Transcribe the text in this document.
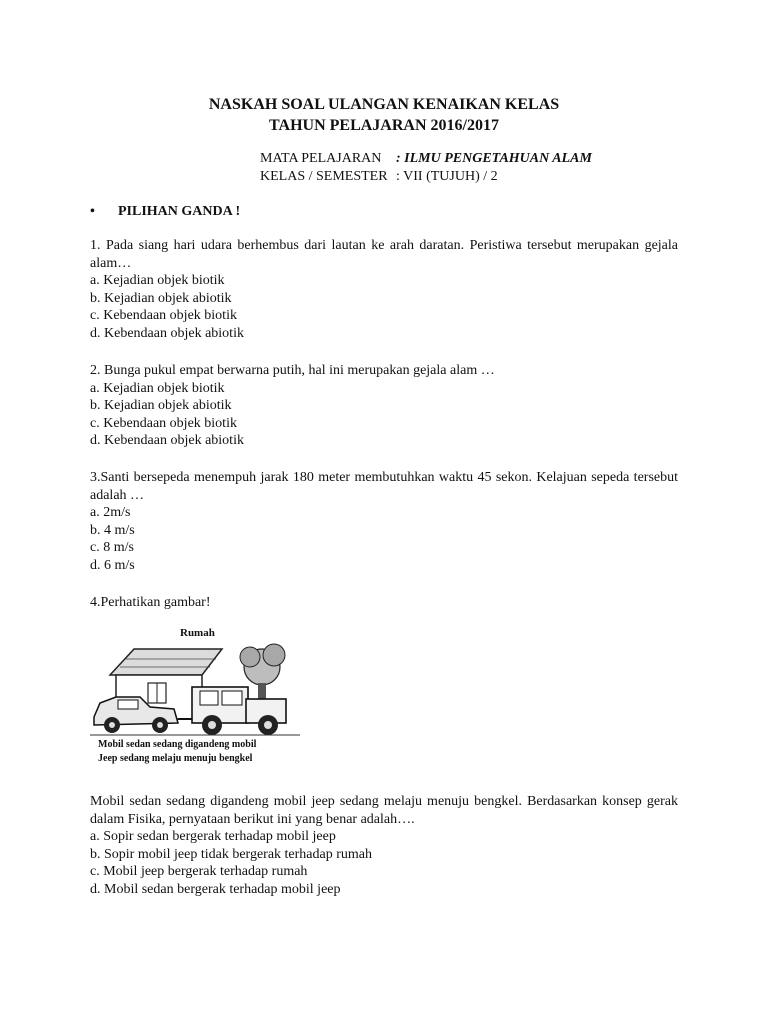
NASKAH SOAL ULANGAN KENAIKAN KELAS
TAHUN PELAJARAN 2016/2017
MATA PELAJARAN : ILMU PENGETAHUAN ALAM
KELAS / SEMESTER : VII (TUJUH) / 2
• PILIHAN GANDA !

1. Pada siang hari udara berhembus dari lautan ke arah daratan. Peristiwa tersebut merupakan gejala alam…

a. Kejadian objek biotik

b. Kejadian objek abiotik

c. Kebendaan objek biotik

d. Kebendaan objek abiotik

2. Bunga pukul empat berwarna putih, hal ini merupakan gejala alam …

a. Kejadian objek biotik

b. Kejadian objek abiotik

c. Kebendaan objek biotik

d. Kebendaan objek abiotik

3.Santi bersepeda menempuh jarak 180 meter membutuhkan waktu 45 sekon. Kelajuan sepeda tersebut adalah …

a. 2m/s

b. 4 m/s

c. 8 m/s

d. 6 m/s

4.Perhatikan gambar!

Rumah
Mobil sedan sedang digandeng mobil
Jeep sedang melaju menuju bengkel

Mobil sedan sedang digandeng mobil jeep sedang melaju menuju bengkel. Berdasarkan konsep gerak dalam Fisika, pernyataan berikut ini yang benar adalah….

a. Sopir sedan bergerak terhadap mobil jeep

b. Sopir mobil jeep tidak bergerak terhadap rumah

c. Mobil jeep bergerak terhadap rumah

d. Mobil sedan bergerak terhadap mobil jeep
